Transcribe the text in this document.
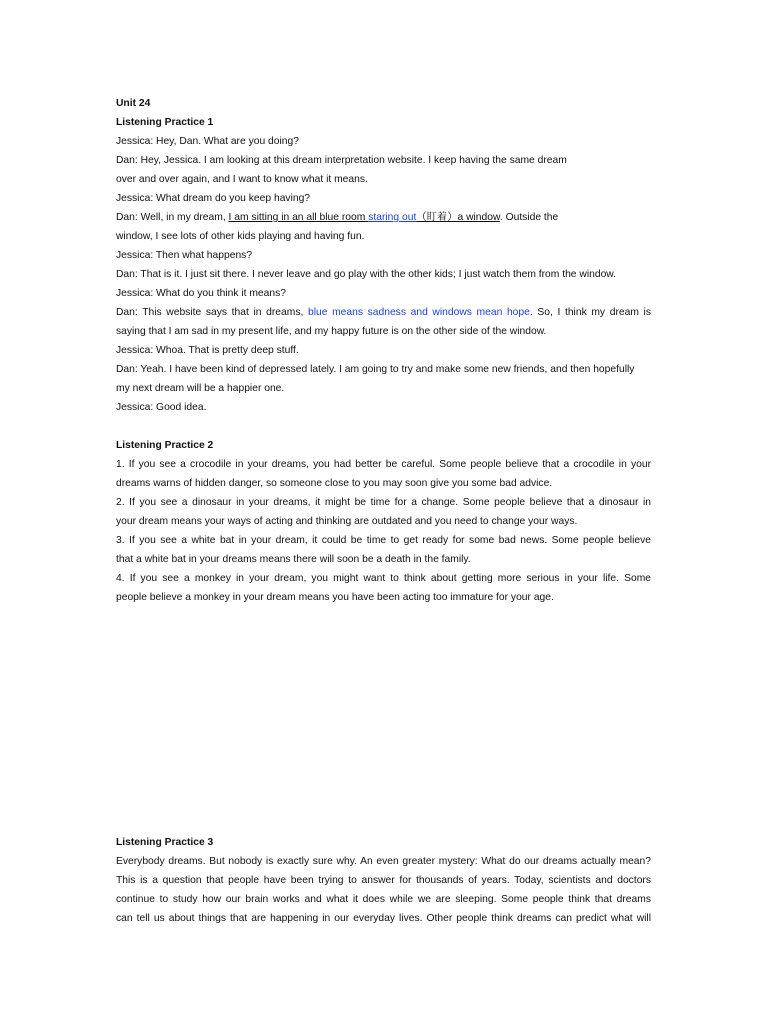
Unit 24
Listening Practice 1
Jessica: Hey, Dan. What are you doing?
Dan: Hey, Jessica. I am looking at this dream interpretation website. I keep having the same dream
over and over again, and I want to know what it means.
Jessica: What dream do you keep having?
Dan: Well, in my dream, I am sitting in an all blue room staring out（盯着）a window. Outside the
window, I see lots of other kids playing and having fun.
Jessica: Then what happens?
Dan: That is it. I just sit there. I never leave and go play with the other kids; I just watch them from the window.
Jessica: What do you think it means?
Dan: This website says that in dreams, blue means sadness and windows mean hope. So, I think my dream is
saying that I am sad in my present life, and my happy future is on the other side of the window.
Jessica: Whoa. That is pretty deep stuff.
Dan: Yeah. I have been kind of depressed lately. I am going to try and make some new friends, and then hopefully
my next dream will be a happier one.
Jessica: Good idea.
Listening Practice 2
1. If you see a crocodile in your dreams, you had better be careful. Some people believe that a crocodile in your
dreams warns of hidden danger, so someone close to you may soon give you some bad advice.
2. If you see a dinosaur in your dreams, it might be time for a change. Some people believe that a dinosaur in
your dream means your ways of acting and thinking are outdated and you need to change your ways.
3. If you see a white bat in your dream, it could be time to get ready for some bad news. Some people believe
that a white bat in your dreams means there will soon be a death in the family.
4. If you see a monkey in your dream, you might want to think about getting more serious in your life. Some
people believe a monkey in your dream means you have been acting too immature for your age.
Listening Practice 3
Everybody dreams. But nobody is exactly sure why. An even greater mystery: What do our dreams actually mean?
This is a question that people have been trying to answer for thousands of years. Today, scientists and doctors
continue to study how our brain works and what it does while we are sleeping. Some people think that dreams
can tell us about things that are happening in our everyday lives. Other people think dreams can predict what will
